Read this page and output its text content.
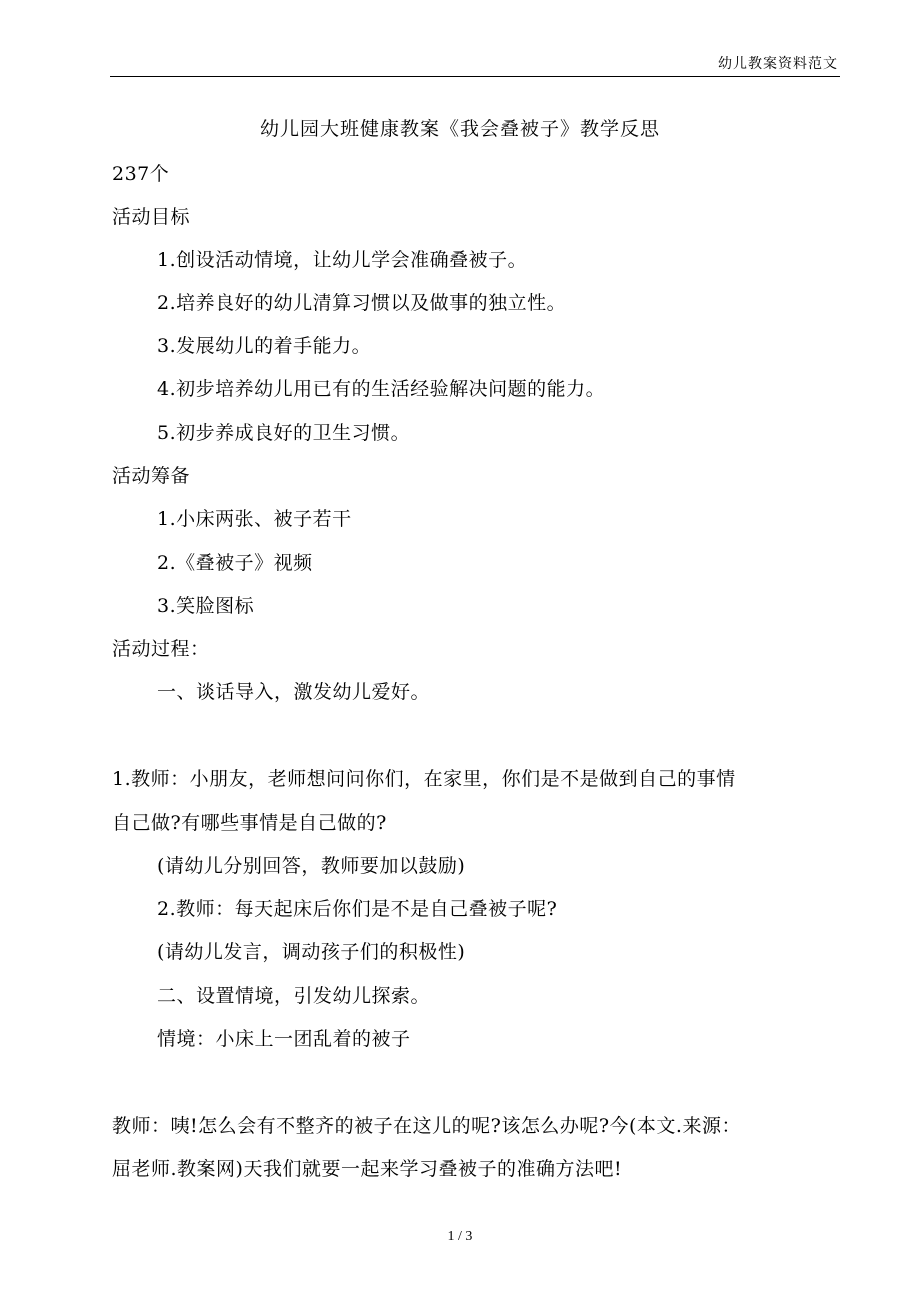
幼儿教案资料范文
幼儿园大班健康教案《我会叠被子》教学反思
237个
活动目标
1.创设活动情境，让幼儿学会准确叠被子。
2.培养良好的幼儿清算习惯以及做事的独立性。
3.发展幼儿的着手能力。
4.初步培养幼儿用已有的生活经验解决问题的能力。
5.初步养成良好的卫生习惯。
活动筹备
1.小床两张、被子若干
2.《叠被子》视频
3.笑脸图标
活动过程：
一、谈话导入，激发幼儿爱好。
1.教师：小朋友，老师想问问你们，在家里，你们是不是做到自己的事情
自己做?有哪些事情是自己做的?
(请幼儿分别回答，教师要加以鼓励)
2.教师：每天起床后你们是不是自己叠被子呢?
(请幼儿发言，调动孩子们的积极性)
二、设置情境，引发幼儿探索。
情境：小床上一团乱着的被子
教师：咦!怎么会有不整齐的被子在这儿的呢?该怎么办呢?今(本文.来源：
屈老师.教案网)天我们就要一起来学习叠被子的准确方法吧!
1 / 3
